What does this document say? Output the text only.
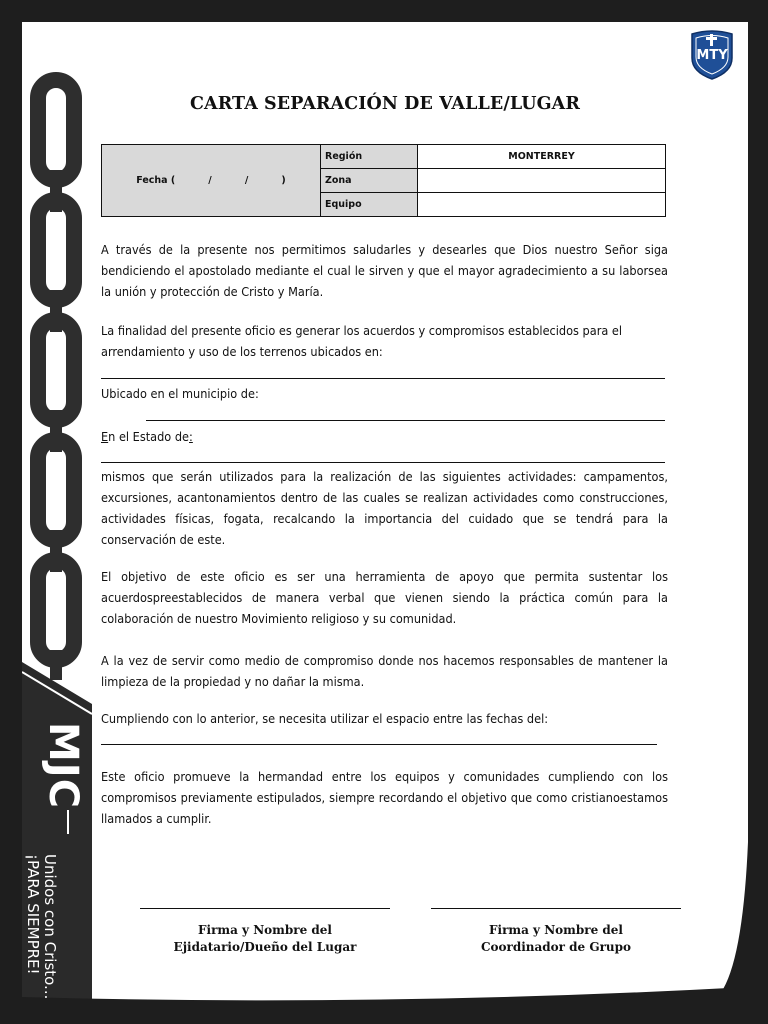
MJC
Unidos con Cristo...
¡PARA SIEMPRE!
MTY
CARTA SEPARACIÓN DE VALLE/LUGAR
Fecha (          /          /          )	Región	MONTERREY
	Zona	
	Equipo	
A través de la presente nos permitimos saludarles y desearles que Dios nuestro Señor siga bendiciendo el apostolado mediante el cual le sirven y que el mayor agradecimiento a su laborsea la unión y protección de Cristo y María.
La finalidad del presente oficio es generar los acuerdos y compromisos establecidos para el arrendamiento y uso de los terrenos ubicados en:
Ubicado en el municipio de:
En el Estado de:
mismos que serán utilizados para la realización de las siguientes actividades: campamentos, excursiones, acantonamientos dentro de las cuales se realizan actividades como construcciones, actividades físicas, fogata, recalcando la importancia del cuidado que se tendrá para la conservación de este.
El objetivo de este oficio es ser una herramienta de apoyo que permita sustentar los acuerdospreestablecidos de manera verbal que vienen siendo la práctica común para la colaboración de nuestro Movimiento religioso y su comunidad.
A la vez de servir como medio de compromiso donde nos hacemos responsables de mantener la limpieza de la propiedad y no dañar la misma.
Cumpliendo con lo anterior, se necesita utilizar el espacio entre las fechas del:
Este oficio promueve la hermandad entre los equipos y comunidades cumpliendo con los compromisos previamente estipulados, siempre recordando el objetivo que como cristianoestamos llamados a cumplir.
Firma y Nombre del
Ejidatario/Dueño del Lugar
Firma y Nombre del
Coordinador de Grupo
